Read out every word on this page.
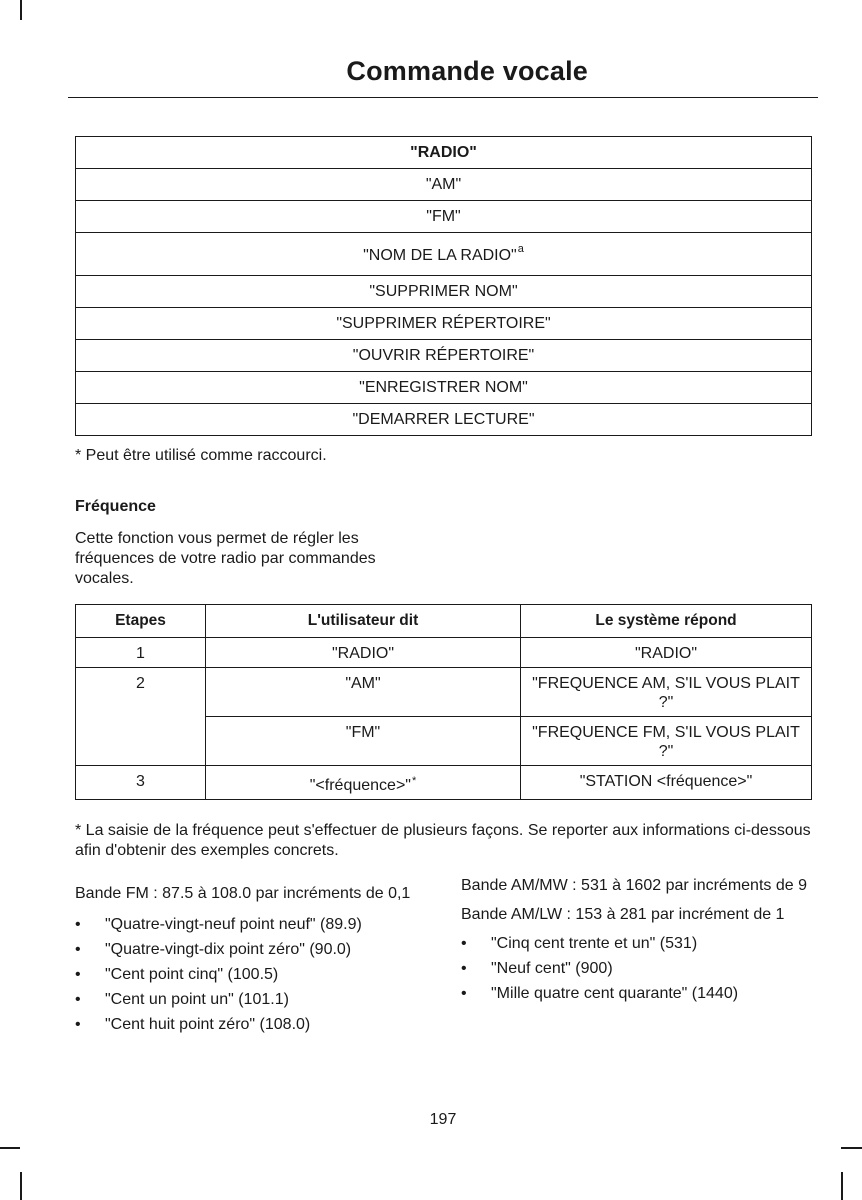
Commande vocale
"RADIO"
"AM"
"FM"
"NOM DE LA RADIO"$^a$
"SUPPRIMER NOM"
"SUPPRIMER RÉPERTOIRE"
"OUVRIR RÉPERTOIRE"
"ENREGISTRER NOM"
"DEMARRER LECTURE"

* Peut être utilisé comme raccourci.

Fréquence

Cette fonction vous permet de régler les fréquences de votre radio par commandes vocales.

Etapes	L'utilisateur dit	Le système répond
1	"RADIO"	"RADIO"
2	"AM"	"FREQUENCE AM, S'IL VOUS PLAIT ?"
	"FM"	"FREQUENCE FM, S'IL VOUS PLAIT ?"
3	"<fréquence>"*	"STATION <fréquence>"

* La saisie de la fréquence peut s'effectuer de plusieurs façons. Se reporter aux informations ci-dessous afin d'obtenir des exemples concrets.

Bande FM : 87.5 à 108.0 par incréments de 0,1

• "Quatre-vingt-neuf point neuf" (89.9)
• "Quatre-vingt-dix point zéro" (90.0)
• "Cent point cinq" (100.5)
• "Cent un point un" (101.1)
• "Cent huit point zéro" (108.0)

Bande AM/MW : 531 à 1602 par incréments de 9

Bande AM/LW : 153 à 281 par incrément de 1

• "Cinq cent trente et un" (531)
• "Neuf cent" (900)
• "Mille quatre cent quarante" (1440)
197
